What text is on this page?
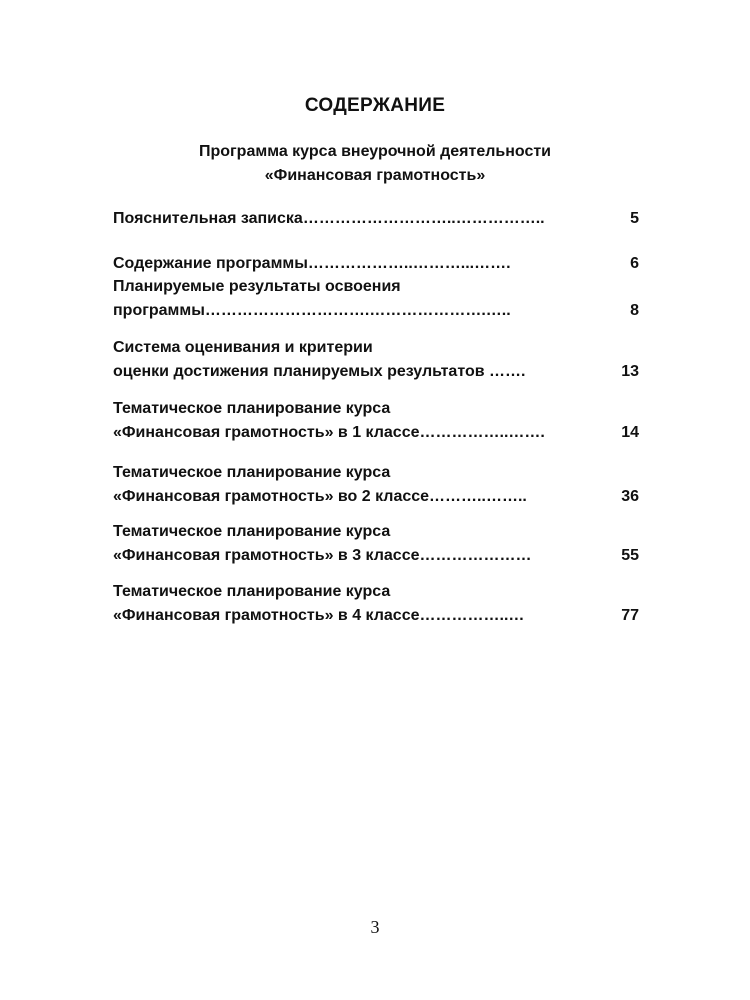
СОДЕРЖАНИЕ
Программа курса внеурочной деятельности
«Финансовая грамотность»
Пояснительная записка………………………..……………..	5
Содержание программы………………..………...…….	6
Планируемые результаты освоения
программы………………………….………………….…..	8
Система оценивания и критерии
оценки достижения планируемых результатов …….	13
Тематическое планирование курса
«Финансовая грамотность» в 1 классе……………..…….	14
Тематическое планирование курса
«Финансовая грамотность» во 2 классе………..……..	36
Тематическое планирование курса
«Финансовая грамотность» в 3 классе…………………	55
Тематическое планирование курса
«Финансовая грамотность» в 4 классе……………..…	77
3
